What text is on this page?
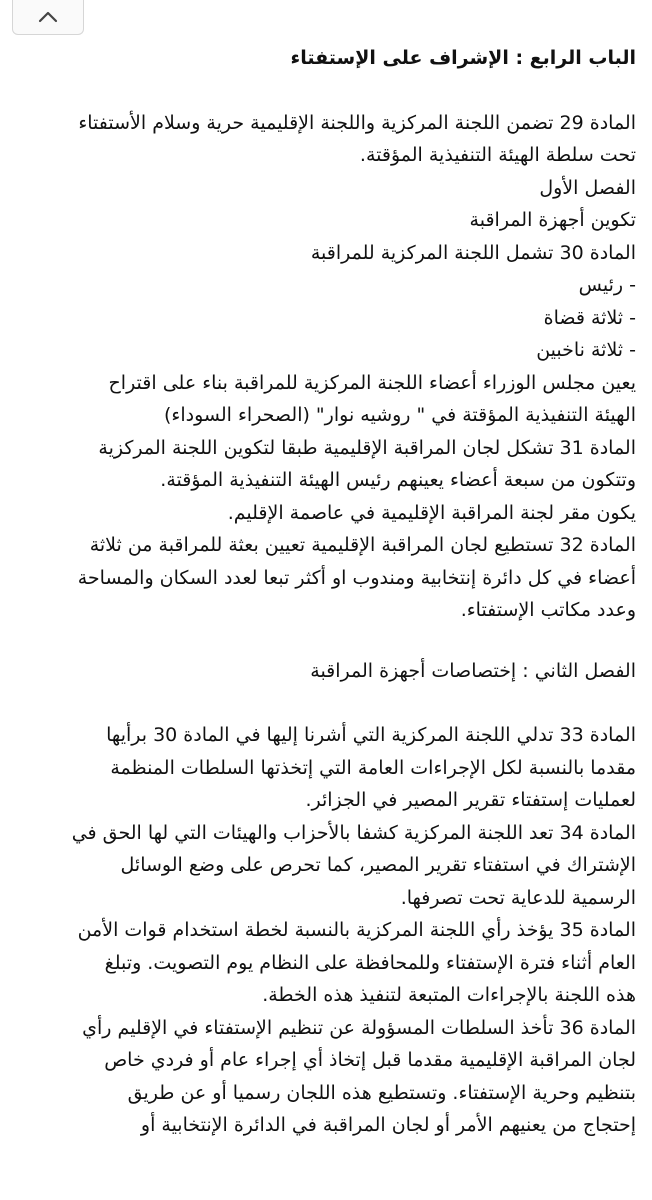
الباب الرابع : الإشراف على الإستفتاء
المادة 29 تضمن اللجنة المركزية واللجنة الإقليمية حرية وسلام الأستفتاء
تحت سلطة الهيئة التنفيذية المؤقتة.
الفصل الأول
تكوين أجهزة المراقبة
المادة 30 تشمل اللجنة المركزية للمراقبة
- رئيس
- ثلاثة قضاة
- ثلاثة ناخبين
يعين مجلس الوزراء أعضاء اللجنة المركزية للمراقبة بناء على اقتراح
الهيئة التنفيذية المؤقتة في " روشيه نوار" (الصحراء السوداء)
المادة 31 تشكل لجان المراقبة الإقليمية طبقا لتكوين اللجنة المركزية
وتتكون من سبعة أعضاء يعينهم رئيس الهيئة التنفيذية المؤقتة.
يكون مقر لجنة المراقبة الإقليمية في عاصمة الإقليم.
المادة 32 تستطيع لجان المراقبة الإقليمية تعيين بعثة للمراقبة من ثلاثة
أعضاء في كل دائرة إنتخابية ومندوب او أكثر تبعا لعدد السكان والمساحة
وعدد مكاتب الإستفتاء.
الفصل الثاني : إختصاصات أجهزة المراقبة
المادة 33 تدلي اللجنة المركزية التي أشرنا إليها في المادة 30 برأيها
مقدما بالنسبة لكل الإجراءات العامة التي إتخذتها السلطات المنظمة
لعمليات إستفتاء تقرير المصير في الجزائر.
المادة 34 تعد اللجنة المركزية كشفا بالأحزاب والهيئات التي لها الحق في
الإشتراك في استفتاء تقرير المصير، كما تحرص على وضع الوسائل
الرسمية للدعاية تحت تصرفها.
المادة 35 يؤخذ رأي اللجنة المركزية بالنسبة لخطة استخدام قوات الأمن
العام أثناء فترة الإستفتاء وللمحافظة على النظام يوم التصويت. وتبلغ
هذه اللجنة بالإجراءات المتبعة لتنفيذ هذه الخطة.
المادة 36 تأخذ السلطات المسؤولة عن تنظيم الإستفتاء في الإقليم رأي
لجان المراقبة الإقليمية مقدما قبل إتخاذ أي إجراء عام أو فردي خاص
بتنظيم وحرية الإستفتاء. وتستطيع هذه اللجان رسميا أو عن طريق
إحتجاج من يعنيهم الأمر أو لجان المراقبة في الدائرة الإنتخابية أو
